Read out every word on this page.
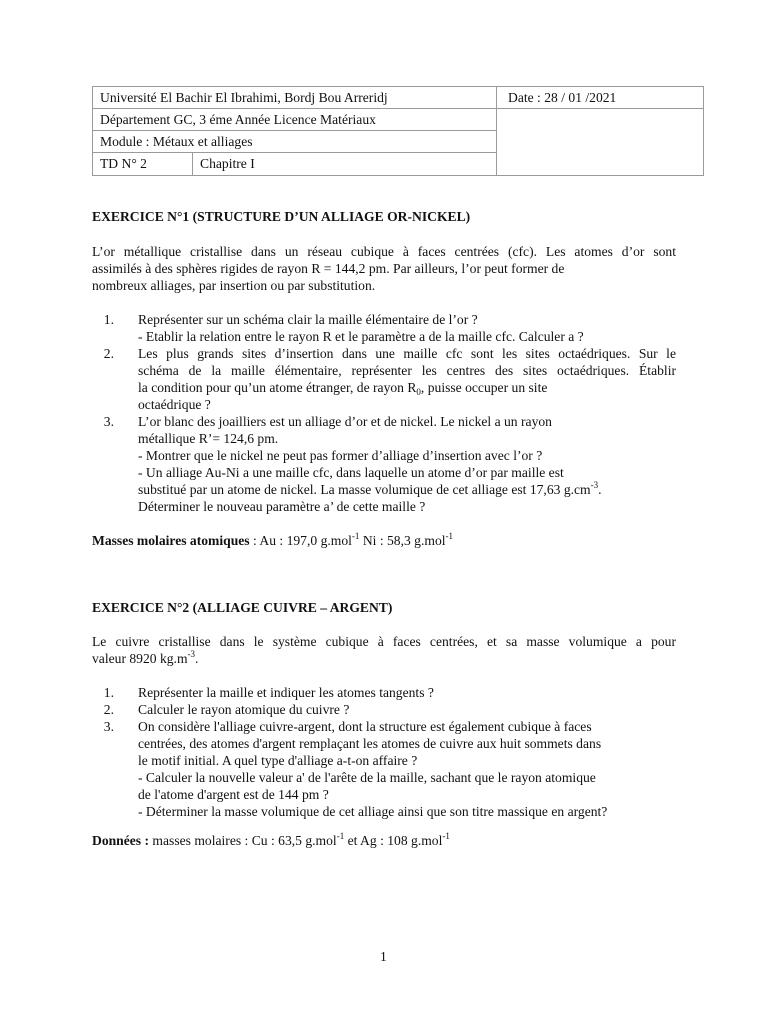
Université El Bachir El Ibrahimi, Bordj Bou Arreridj
Département GC, 3 éme Année Licence Matériaux
Module : Métaux et alliages
TD N° 2	Chapitre I
Date : 28 / 01 /2021
EXERCICE N°1 (STRUCTURE D’UN ALLIAGE OR-NICKEL)
L’or métallique cristallise dans un réseau cubique à faces centrées (cfc). Les atomes d’or sont
assimilés à des sphères rigides de rayon R = 144,2 pm. Par ailleurs, l’or peut former de
nombreux alliages, par insertion ou par substitution.
1. Représenter sur un schéma clair la maille élémentaire de l’or ?
- Etablir la relation entre le rayon R et le paramètre a de la maille cfc. Calculer a ?
2. Les plus grands sites d’insertion dans une maille cfc sont les sites octaédriques. Sur le
schéma de la maille élémentaire, représenter les centres des sites octaédriques. Établir
la condition pour qu’un atome étranger, de rayon $R_0$, puisse occuper un site
octaédrique ?
3. L’or blanc des joailliers est un alliage d’or et de nickel. Le nickel a un rayon
métallique R’= 124,6 pm.
- Montrer que le nickel ne peut pas former d’alliage d’insertion avec l’or ?
- Un alliage Au-Ni a une maille cfc, dans laquelle un atome d’or par maille est
substitué par un atome de nickel. La masse volumique de cet alliage est 17,63 $g.cm^{-3}$.
Déterminer le nouveau paramètre a’ de cette maille ?
Masses molaires atomiques : Au : 197,0 g.mol$^{-1}$ Ni : 58,3 g.mol$^{-1}$
EXERCICE N°2 (ALLIAGE CUIVRE – ARGENT)
Le cuivre cristallise dans le système cubique à faces centrées, et sa masse volumique a pour
valeur 8920 $kg.m^{-3}$.
1. Représenter la maille et indiquer les atomes tangents ?
2. Calculer le rayon atomique du cuivre ?
3. On considère l'alliage cuivre-argent, dont la structure est également cubique à faces
centrées, des atomes d'argent remplaçant les atomes de cuivre aux huit sommets dans
le motif initial. A quel type d'alliage a-t-on affaire ?
- Calculer la nouvelle valeur a' de l'arête de la maille, sachant que le rayon atomique
de l'atome d'argent est de 144 pm ?
- Déterminer la masse volumique de cet alliage ainsi que son titre massique en argent?
Données : masses molaires : Cu : 63,5 g.mol$^{-1}$ et Ag : 108 g.mol$^{-1}$
1
